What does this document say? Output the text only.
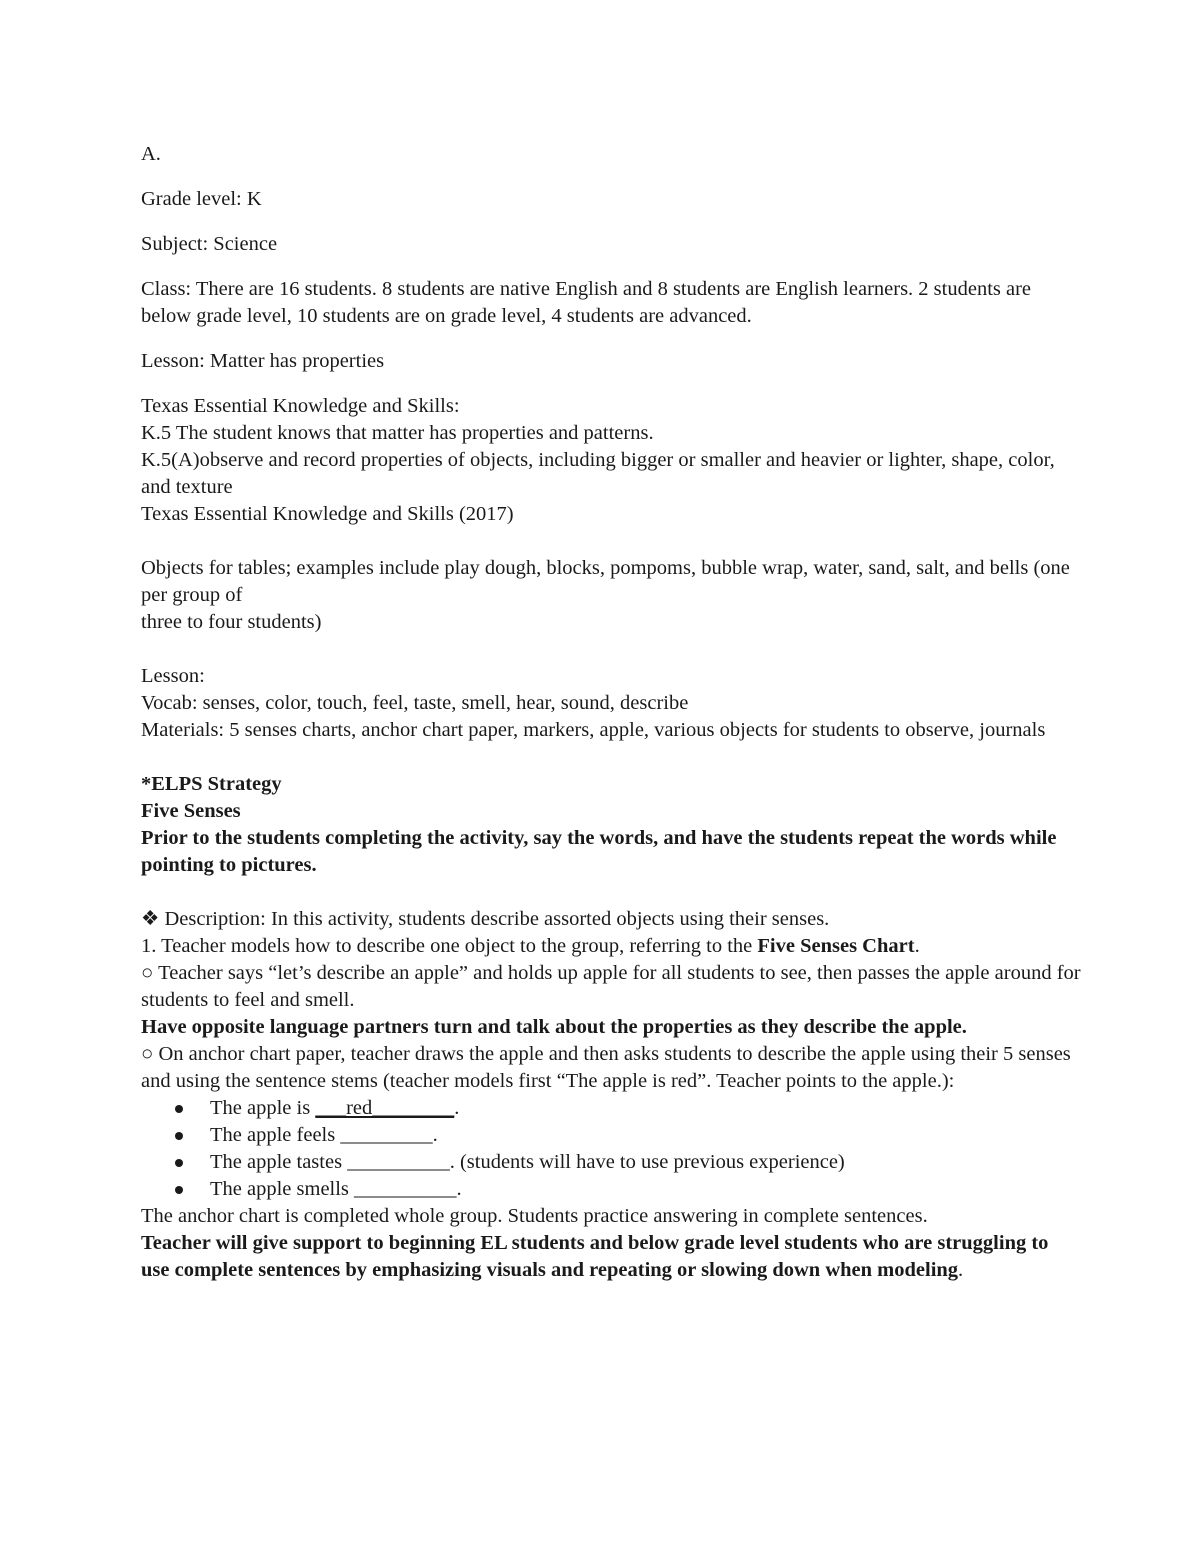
A.

Grade level: K

Subject: Science

Class: There are 16 students. 8 students are native English and 8 students are English learners. 2 students are below grade level, 10 students are on grade level, 4 students are advanced.

Lesson: Matter has properties

Texas Essential Knowledge and Skills:

K.5 The student knows that matter has properties and patterns.

K.5(A)observe and record properties of objects, including bigger or smaller and heavier or lighter, shape, color, and texture

Texas Essential Knowledge and Skills (2017)

Objects for tables; examples include play dough, blocks, pompoms, bubble wrap, water, sand, salt, and bells (one per group of

three to four students)

Lesson:

Vocab: senses, color, touch, feel, taste, smell, hear, sound, describe

Materials: 5 senses charts, anchor chart paper, markers, apple, various objects for students to observe, journals

*ELPS Strategy

Five Senses

Prior to the students completing the activity, say the words, and have the students repeat the words while pointing to pictures.

❖ Description: In this activity, students describe assorted objects using their senses.

1. Teacher models how to describe one object to the group, referring to the Five Senses Chart.

○ Teacher says “let’s describe an apple” and holds up apple for all students to see, then passes the apple around for students to feel and smell.

Have opposite language partners turn and talk about the properties as they describe the apple.

○ On anchor chart paper, teacher draws the apple and then asks students to describe the apple using their 5 senses and using the sentence stems (teacher models first “The apple is red”. Teacher points to the apple.):

The apple is ___red________.
The apple feels _________.
The apple tastes __________. (students will have to use previous experience)
The apple smells __________.

The anchor chart is completed whole group. Students practice answering in complete sentences.

Teacher will give support to beginning EL students and below grade level students who are struggling to use complete sentences by emphasizing visuals and repeating or slowing down when modeling.
